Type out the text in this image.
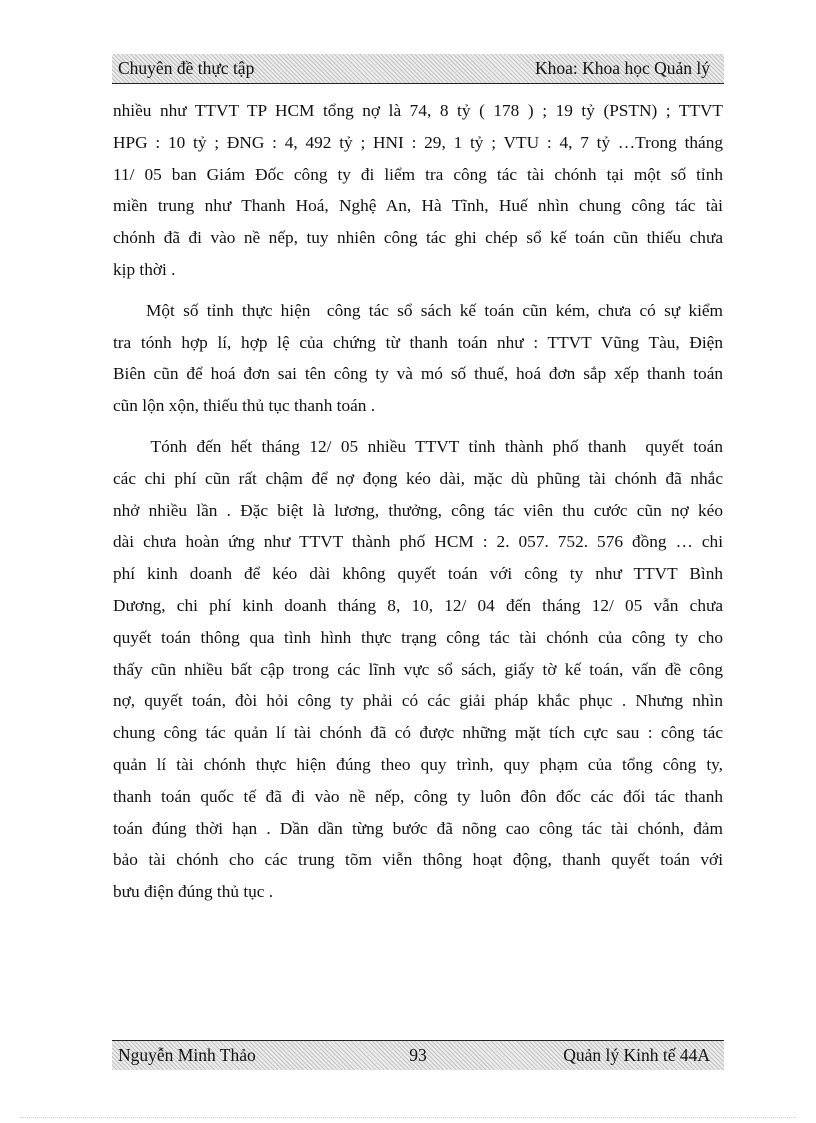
Chuyên đề thực tập	Khoa: Khoa học Quản lý

nhiều như TTVT TP HCM tổng nợ là 74, 8 tỷ ( 178 ) ; 19 tỷ (PSTN) ; TTVT
HPG : 10 tỷ ; ĐNG : 4, 492 tỷ ; HNI : 29, 1 tỷ ; VTU : 4, 7 tỷ …Trong tháng
11/ 05 ban Giám Đốc công ty đi liểm tra công tác tài chónh tại một số tỉnh
miền trung như Thanh Hoá, Nghệ An, Hà Tĩnh, Huế nhìn chung công tác tài
chónh đã đi vào nề nếp, tuy nhiên công tác ghi chép sổ kế toán cũn thiếu chưa
kịp thời .

Một số tỉnh thực hiện  công tác sổ sách kế toán cũn kém, chưa có sự kiểm
tra tónh hợp lí, hợp lệ của chứng từ thanh toán như : TTVT Vũng Tàu, Điện
Biên cũn để hoá đơn sai tên công ty và mó số thuế, hoá đơn sắp xếp thanh toán
cũn lộn xộn, thiếu thủ tục thanh toán .

Tónh đến hết tháng 12/ 05 nhiều TTVT tỉnh thành phố thanh  quyết toán
các chi phí cũn rất chậm để nợ đọng kéo dài, mặc dù phũng tài chónh đã nhắc
nhở nhiều lần . Đặc biệt là lương, thưởng, công tác viên thu cước cũn nợ kéo
dài chưa hoàn ứng như TTVT thành phố HCM : 2. 057. 752. 576 đồng … chi
phí kinh doanh để kéo dài không quyết toán với công ty như TTVT Bình
Dương, chi phí kinh doanh tháng 8, 10, 12/ 04 đến tháng 12/ 05 vẫn chưa
quyết toán thông qua tình hình thực trạng công tác tài chónh của công ty cho
thấy cũn nhiều bất cập trong các lĩnh vực sổ sách, giấy tờ kế toán, vấn đề công
nợ, quyết toán, đòi hỏi công ty phải có các giải pháp khắc phục . Nhưng nhìn
chung công tác quản lí tài chónh đã có được những mặt tích cực sau : công tác
quản lí tài chónh thực hiện đúng theo quy trình, quy phạm của tổng công ty,
thanh toán quốc tế đã đi vào nề nếp, công ty luôn đôn đốc các đối tác thanh
toán đúng thời hạn . Dần dần từng bước đã nõng cao công tác tài chónh, đảm
bảo tài chónh cho các trung tõm viễn thông hoạt động, thanh quyết toán với
bưu điện đúng thủ tục .

Nguyễn Minh Thảo	93	Quản lý Kinh tế 44A
